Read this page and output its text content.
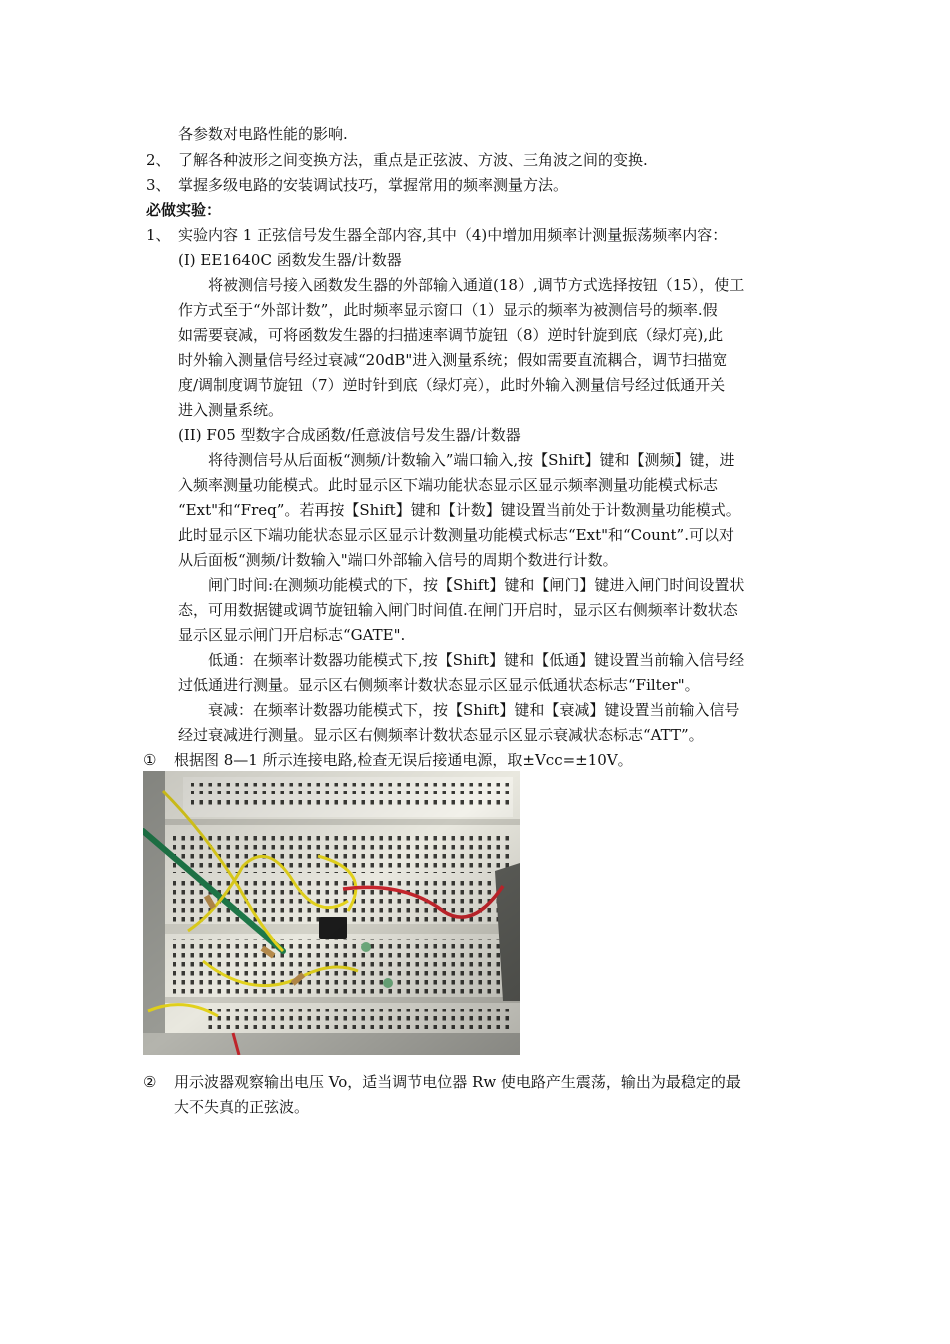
各参数对电路性能的影响.
2、 了解各种波形之间变换方法，重点是正弦波、方波、三角波之间的变换.
3、 掌握多级电路的安装调试技巧，掌握常用的频率测量方法。
必做实验：
1、 实验内容 1 正弦信号发生器全部内容,其中（4)中增加用频率计测量振荡频率内容：
(I) EE1640C 函数发生器/计数器
将被测信号接入函数发生器的外部输入通道(18）,调节方式选择按钮（15），使工
作方式至于“外部计数”，此时频率显示窗口（1）显示的频率为被测信号的频率.假
如需要衰减，可将函数发生器的扫描速率调节旋钮（8）逆时针旋到底（绿灯亮),此
时外输入测量信号经过衰减“20dB"进入测量系统；假如需要直流耦合，调节扫描宽
度/调制度调节旋钮（7）逆时针到底（绿灯亮），此时外输入测量信号经过低通开关
进入测量系统。
(II) F05 型数字合成函数/任意波信号发生器/计数器
将待测信号从后面板“测频/计数输入”端口输入,按【Shift】键和【测频】键，进
入频率测量功能模式。此时显示区下端功能状态显示区显示频率测量功能模式标志
“Ext"和“Freq”。若再按【Shift】键和【计数】键设置当前处于计数测量功能模式。
此时显示区下端功能状态显示区显示计数测量功能模式标志“Ext"和“Count”.可以对
从后面板“测频/计数输入"端口外部输入信号的周期个数进行计数。
闸门时间:在测频功能模式的下，按【Shift】键和【闸门】键进入闸门时间设置状
态，可用数据键或调节旋钮输入闸门时间值.在闸门开启时，显示区右侧频率计数状态
显示区显示闸门开启标志“GATE".
低通：在频率计数器功能模式下,按【Shift】键和【低通】键设置当前输入信号经
过低通进行测量。显示区右侧频率计数状态显示区显示低通状态标志“Filter"。
衰减：在频率计数器功能模式下，按【Shift】键和【衰减】键设置当前输入信号
经过衰减进行测量。显示区右侧频率计数状态显示区显示衰减状态标志“ATT”。
① 根据图 8—1 所示连接电路,检查无误后接通电源，取±Vcc=±10V。
② 用示波器观察输出电压 Vo，适当调节电位器 Rw 使电路产生震荡，输出为最稳定的最
大不失真的正弦波。
